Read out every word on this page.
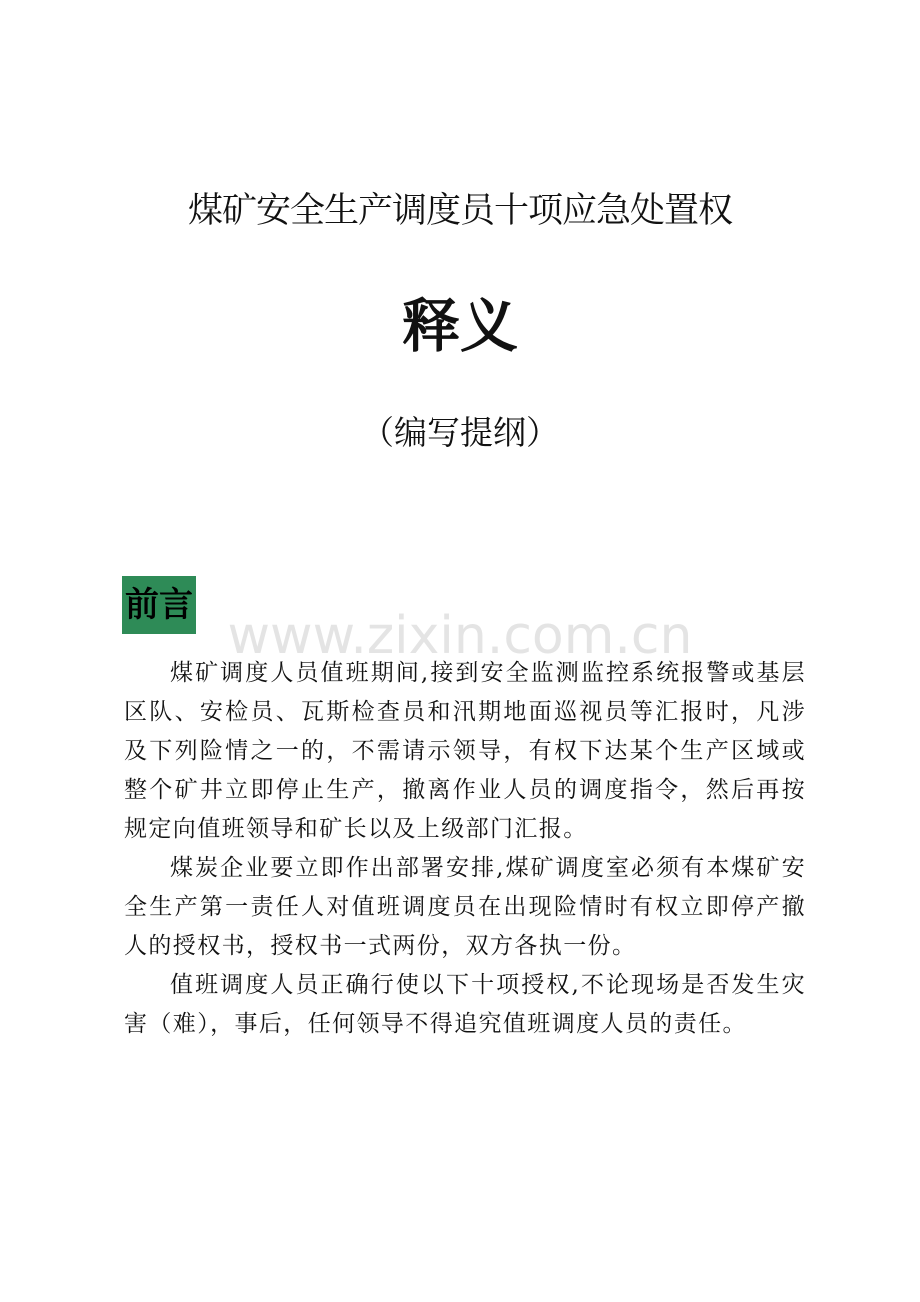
煤矿安全生产调度员十项应急处置权
释义
（编写提纲）
前言
www.zixin.com.cn

煤矿调度人员值班期间,接到安全监测监控系统报警或基层区队、安检员、瓦斯检查员和汛期地面巡视员等汇报时，凡涉及下列险情之一的，不需请示领导，有权下达某个生产区域或整个矿井立即停止生产，撤离作业人员的调度指令，然后再按规定向值班领导和矿长以及上级部门汇报。

煤炭企业要立即作出部署安排,煤矿调度室必须有本煤矿安全生产第一责任人对值班调度员在出现险情时有权立即停产撤人的授权书，授权书一式两份，双方各执一份。

值班调度人员正确行使以下十项授权,不论现场是否发生灾害（难），事后，任何领导不得追究值班调度人员的责任。
